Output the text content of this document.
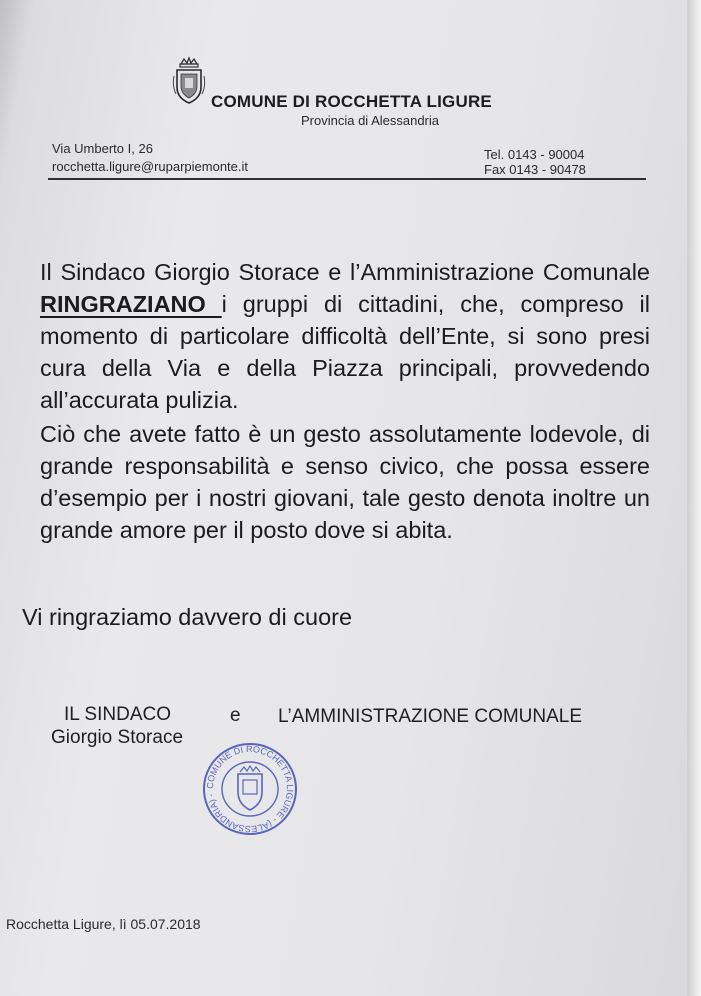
COMUNE DI ROCCHETTA LIGURE
Provincia di Alessandria
Via Umberto I, 26
rocchetta.ligure@ruparpiemonte.it
Tel. 0143 - 90004
Fax 0143 - 90478

Il Sindaco Giorgio Storace e l’Amministrazione Comunale RINGRAZIANO i gruppi di cittadini, che, compreso il momento di particolare difficoltà dell’Ente, si sono presi cura della Via e della Piazza principali, provvedendo all’accurata pulizia.

Ciò che avete fatto è un gesto assolutamente lodevole, di grande responsabilità e senso civico, che possa essere d’esempio per i nostri giovani, tale gesto denota inoltre un grande amore per il posto dove si abita.

Vi ringraziamo davvero di cuore
IL SINDACO	e L’AMMINISTRAZIONE COMUNALE
Giorgio Storace
COMUNE DI ROCCHETTA LIGURE - (ALESSANDRIA) -
Rocchetta Ligure, lì 05.07.2018
